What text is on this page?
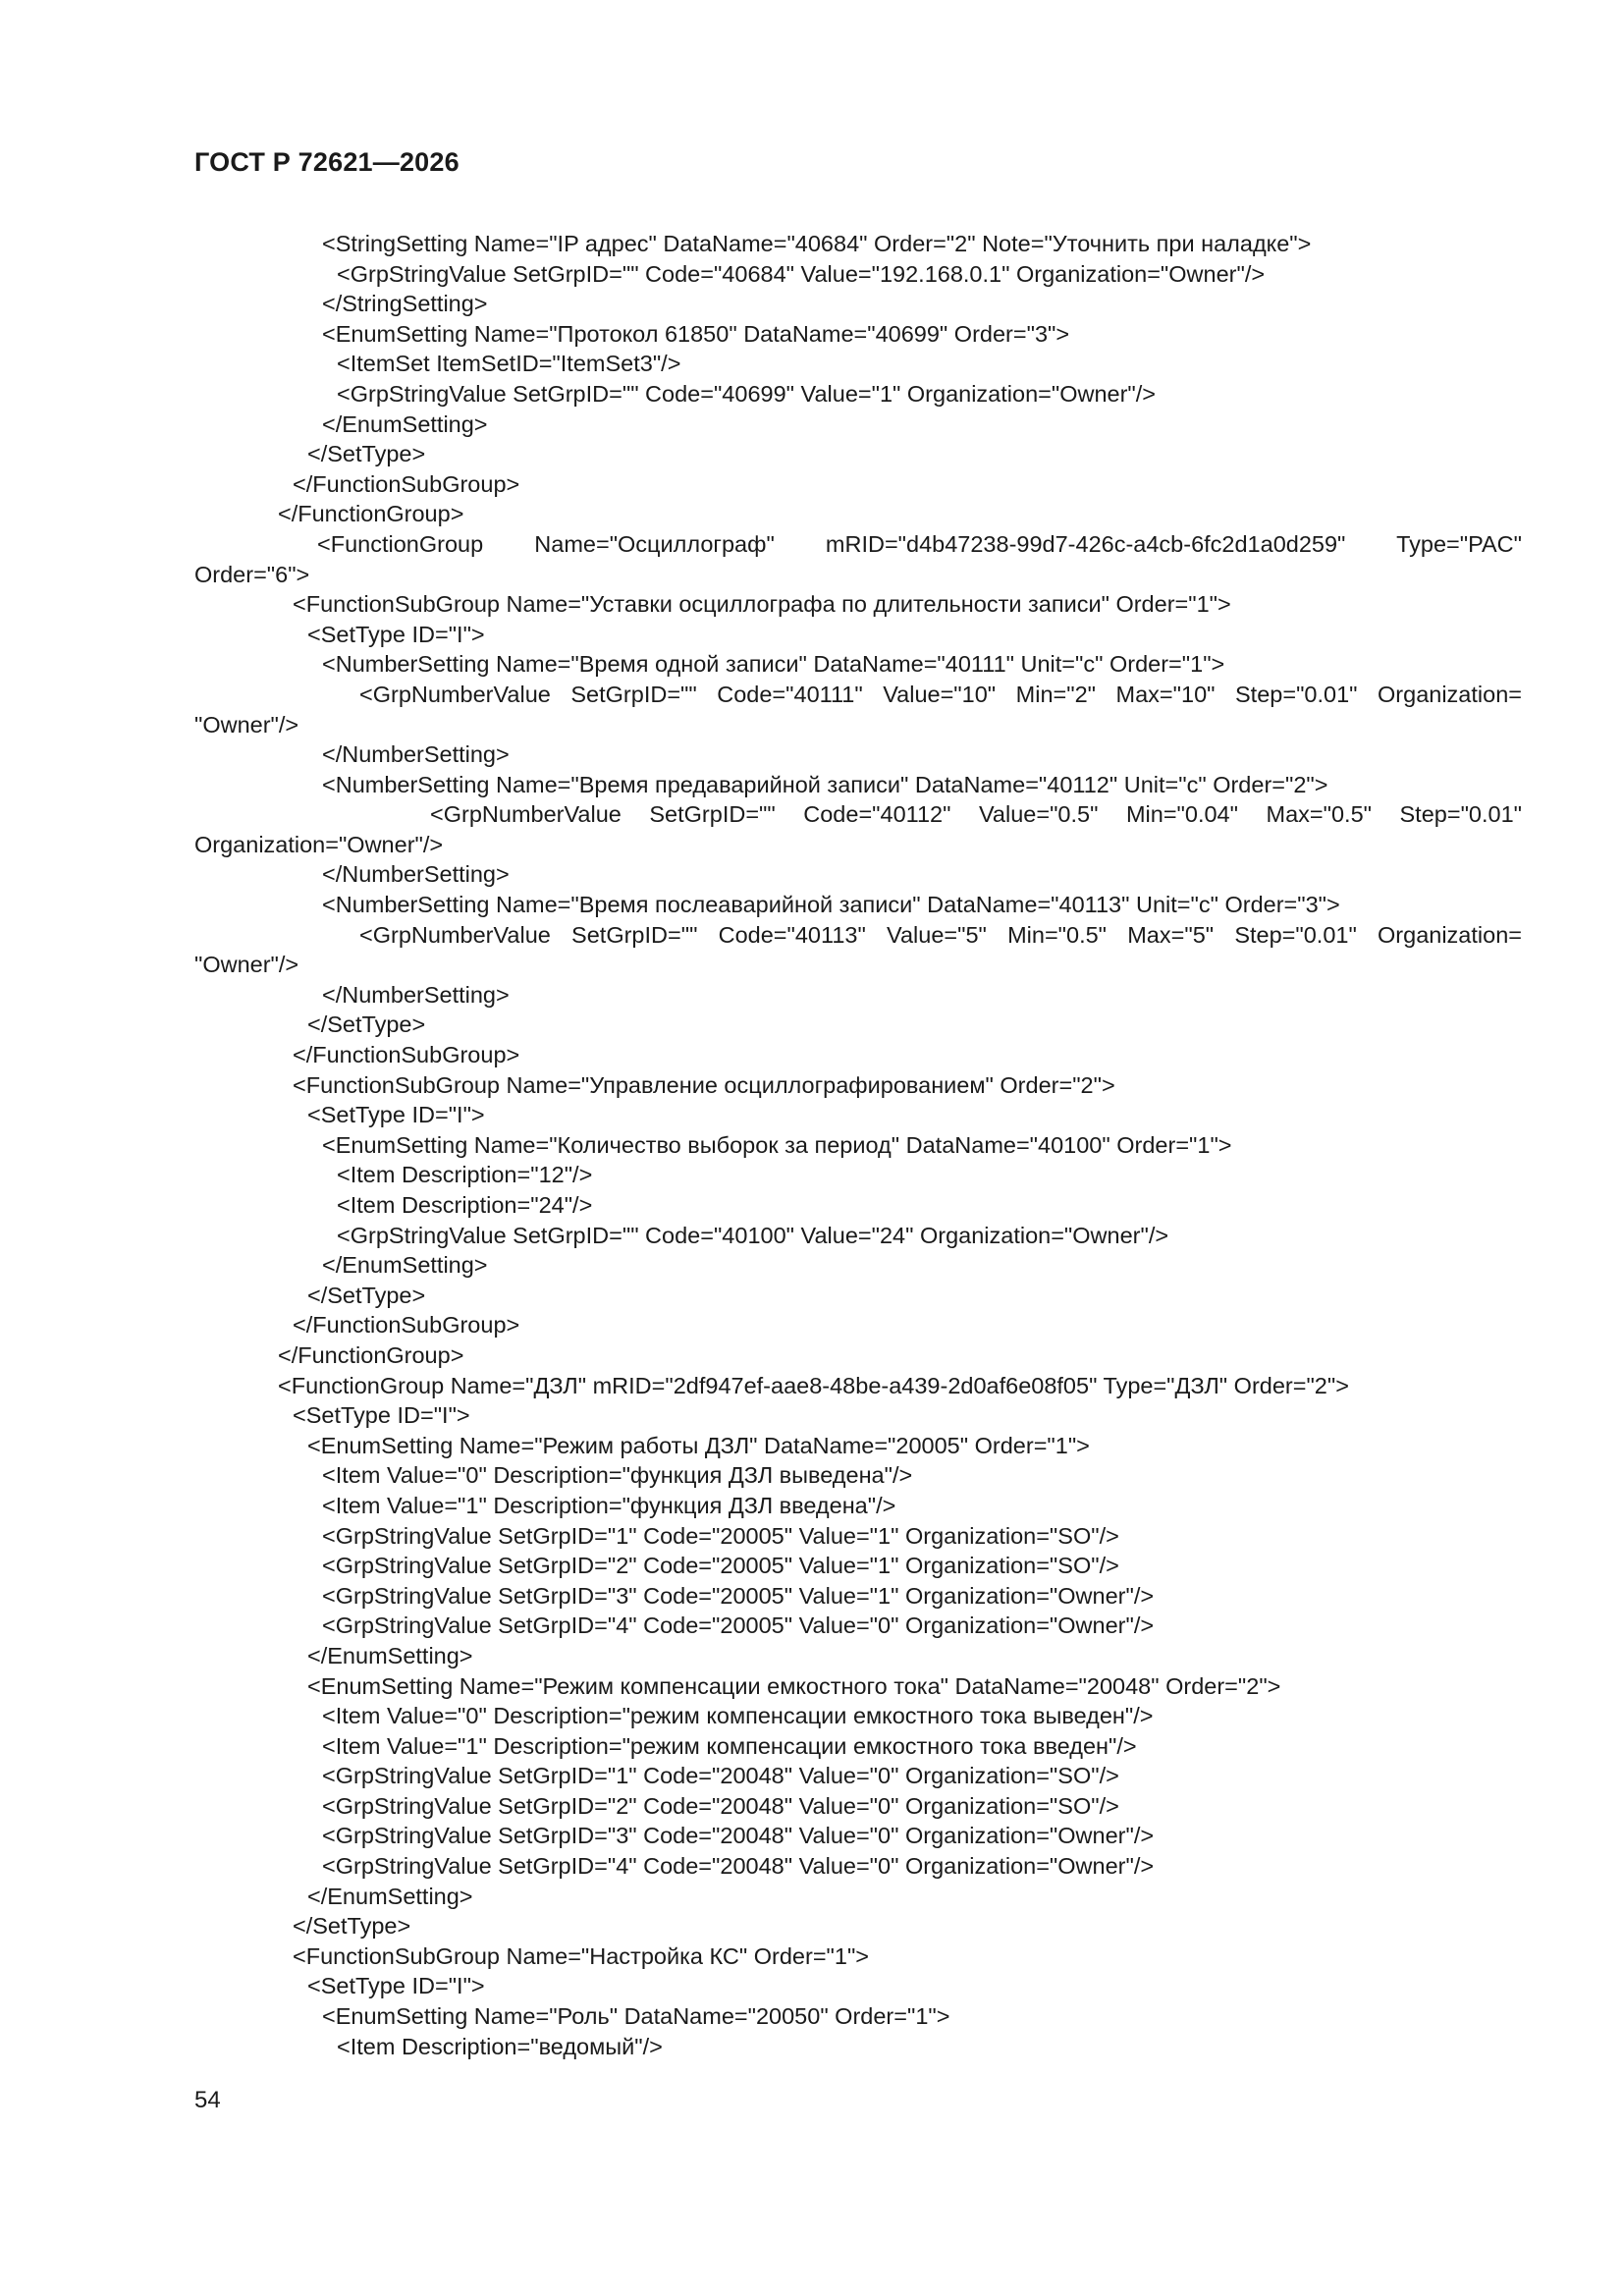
ГОСТ Р 72621—2026
<StringSetting Name="IP адрес" DataName="40684" Order="2" Note="Уточнить при наладке">
<GrpStringValue SetGrpID="" Code="40684" Value="192.168.0.1" Organization="Owner"/>
</StringSetting>
<EnumSetting Name="Протокол 61850" DataName="40699" Order="3">
<ItemSet ItemSetID="ItemSet3"/>
<GrpStringValue SetGrpID="" Code="40699" Value="1" Organization="Owner"/>
</EnumSetting>
</SetType>
</FunctionSubGroup>
</FunctionGroup>
<FunctionGroup   Name="Осциллограф"   mRID="d4b47238-99d7-426c-a4cb-6fc2d1a0d259"   Type="PAC"
Order="6">
<FunctionSubGroup Name="Уставки осциллографа по длительности записи" Order="1">
<SetType ID="I">
<NumberSetting Name="Время одной записи" DataName="40111" Unit="c" Order="1">
<GrpNumberValue SetGrpID="" Code="40111" Value="10" Min="2" Max="10" Step="0.01" Organization=
"Owner"/>
</NumberSetting>
<NumberSetting Name="Время предаварийной записи" DataName="40112" Unit="c" Order="2">
<GrpNumberValue  SetGrpID=""  Code="40112"  Value="0.5"  Min="0.04"  Max="0.5"  Step="0.01"
Organization="Owner"/>
</NumberSetting>
<NumberSetting Name="Время послеаварийной записи" DataName="40113" Unit="c" Order="3">
<GrpNumberValue SetGrpID="" Code="40113" Value="5" Min="0.5" Max="5" Step="0.01" Organization=
"Owner"/>
</NumberSetting>
</SetType>
</FunctionSubGroup>
<FunctionSubGroup Name="Управление осциллографированием" Order="2">
<SetType ID="I">
<EnumSetting Name="Количество выборок за период" DataName="40100" Order="1">
<Item Description="12"/>
<Item Description="24"/>
<GrpStringValue SetGrpID="" Code="40100" Value="24" Organization="Owner"/>
</EnumSetting>
</SetType>
</FunctionSubGroup>
</FunctionGroup>
<FunctionGroup Name="ДЗЛ" mRID="2df947ef-aae8-48be-a439-2d0af6e08f05" Type="ДЗЛ" Order="2">
<SetType ID="I">
<EnumSetting Name="Режим работы ДЗЛ" DataName="20005" Order="1">
<Item Value="0" Description="функция ДЗЛ выведена"/>
<Item Value="1" Description="функция ДЗЛ введена"/>
<GrpStringValue SetGrpID="1" Code="20005" Value="1" Organization="SO"/>
<GrpStringValue SetGrpID="2" Code="20005" Value="1" Organization="SO"/>
<GrpStringValue SetGrpID="3" Code="20005" Value="1" Organization="Owner"/>
<GrpStringValue SetGrpID="4" Code="20005" Value="0" Organization="Owner"/>
</EnumSetting>
<EnumSetting Name="Режим компенсации емкостного тока" DataName="20048" Order="2">
<Item Value="0" Description="режим компенсации емкостного тока выведен"/>
<Item Value="1" Description="режим компенсации емкостного тока введен"/>
<GrpStringValue SetGrpID="1" Code="20048" Value="0" Organization="SO"/>
<GrpStringValue SetGrpID="2" Code="20048" Value="0" Organization="SO"/>
<GrpStringValue SetGrpID="3" Code="20048" Value="0" Organization="Owner"/>
<GrpStringValue SetGrpID="4" Code="20048" Value="0" Organization="Owner"/>
</EnumSetting>
</SetType>
<FunctionSubGroup Name="Настройка КС" Order="1">
<SetType ID="I">
<EnumSetting Name="Роль" DataName="20050" Order="1">
<Item Description="ведомый"/>
54
